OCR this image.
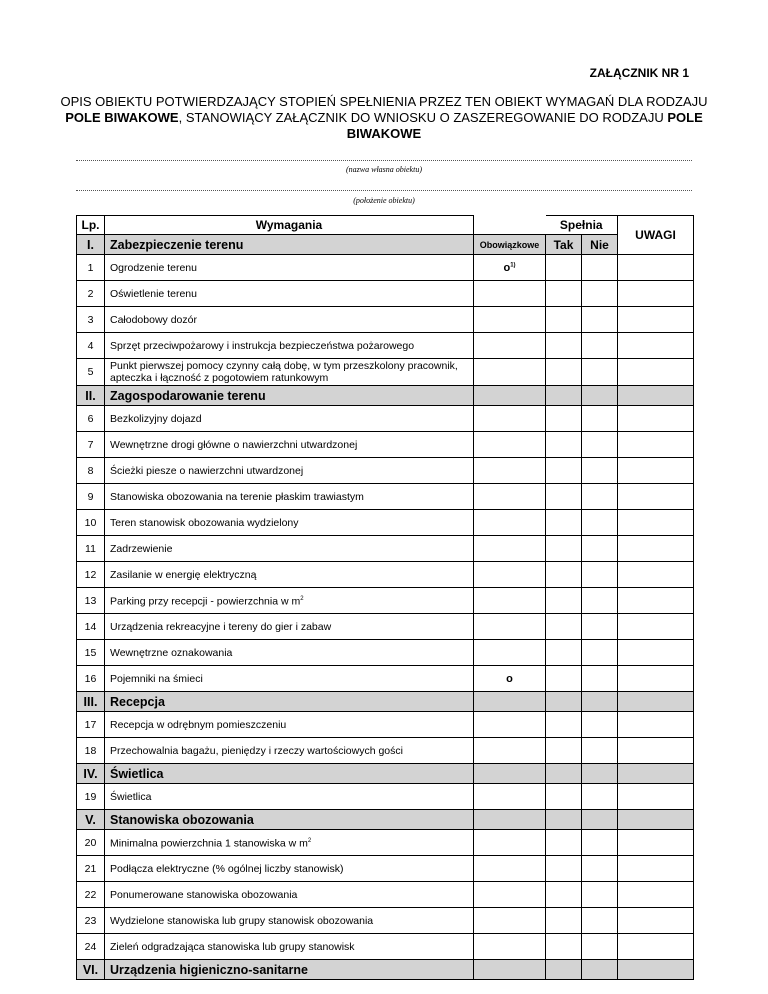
ZAŁĄCZNIK NR 1
OPIS OBIEKTU POTWIERDZAJĄCY STOPIEŃ SPEŁNIENIA PRZEZ TEN OBIEKT WYMAGAŃ DLA RODZAJU POLE BIWAKOWE, STANOWIĄCY ZAŁĄCZNIK DO WNIOSKU O ZASZEREGOWANIE DO RODZAJU POLE BIWAKOWE
(nazwa własna obiektu)
(położenie obiektu)
Lp.	Wymagania		Spełnia		UWAGI
I.	Zabezpieczenie terenu	Obowiązkowe	Tak	Nie	
1	Ogrodzenie terenu	$o^{1)}$			
2	Oświetlenie terenu				
3	Całodobowy dozór				
4	Sprzęt przeciwpożarowy i instrukcja bezpieczeństwa pożarowego				
5	Punkt pierwszej pomocy czynny całą dobę, w tym przeszkolony pracownik, apteczka i łączność z pogotowiem ratunkowym				
II.	Zagospodarowanie terenu				
6	Bezkolizyjny dojazd				
7	Wewnętrzne drogi główne o nawierzchni utwardzonej				
8	Ścieżki piesze o nawierzchni utwardzonej				
9	Stanowiska obozowania na terenie płaskim trawiastym				
10	Teren stanowisk obozowania wydzielony				
11	Zadrzewienie				
12	Zasilanie w energię elektryczną				
13	Parking przy recepcji - powierzchnia w $m^2$				
14	Urządzenia rekreacyjne i tereny do gier i zabaw				
15	Wewnętrzne oznakowania				
16	Pojemniki na śmieci	o			
III.	Recepcja				
17	Recepcja w odrębnym pomieszczeniu				
18	Przechowalnia bagażu, pieniędzy i rzeczy wartościowych gości				
IV.	Świetlica				
19	Świetlica				
V.	Stanowiska obozowania				
20	Minimalna powierzchnia 1 stanowiska w $m^2$				
21	Podłącza elektryczne (% ogólnej liczby stanowisk)				
22	Ponumerowane stanowiska obozowania				
23	Wydzielone stanowiska lub grupy stanowisk obozowania				
24	Zieleń odgradzająca stanowiska lub grupy stanowisk				
VI.	Urządzenia higieniczno-sanitarne				
